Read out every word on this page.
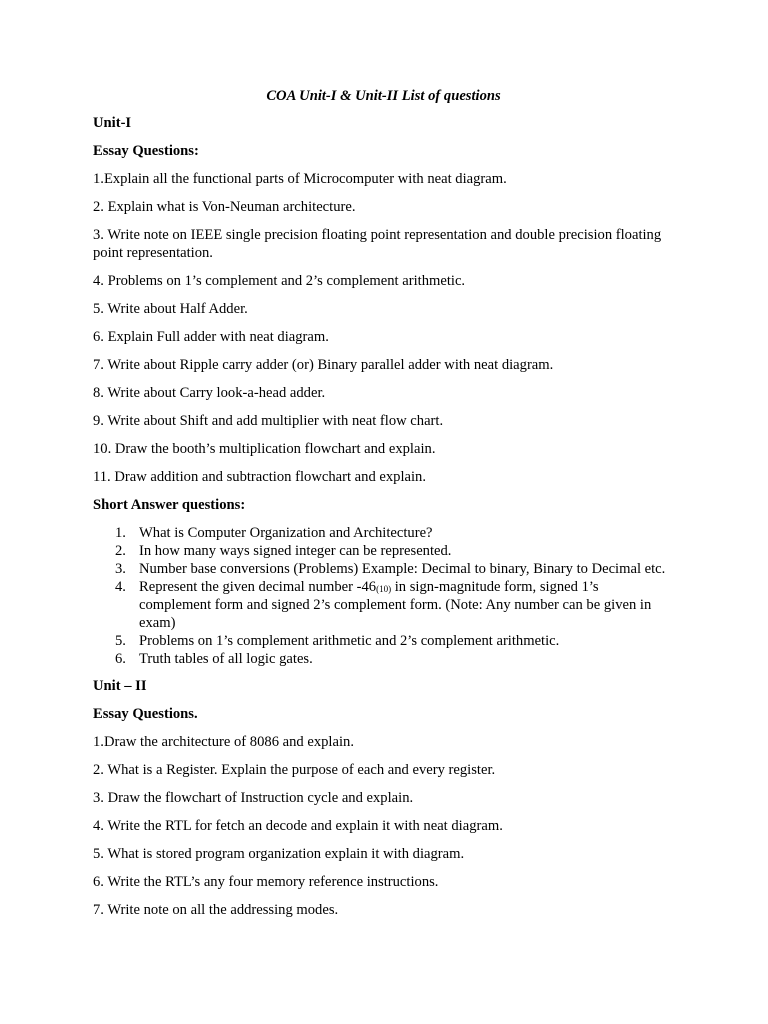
COA Unit-I & Unit-II List of questions
Unit-I
Essay Questions:
1.Explain all the functional parts of Microcomputer with neat diagram.
2. Explain what is Von-Neuman architecture.
3. Write note on IEEE single precision floating point representation and double precision floating point representation.
4. Problems on 1’s complement and 2’s complement arithmetic.
5. Write about Half Adder.
6. Explain Full adder with neat diagram.
7. Write about Ripple carry adder (or) Binary parallel adder with neat diagram.
8. Write about Carry look-a-head adder.
9. Write about Shift and add multiplier with neat flow chart.
10. Draw the booth’s multiplication flowchart and explain.
11. Draw addition and subtraction flowchart and explain.
Short Answer questions:
1. What is Computer Organization and Architecture?
2. In how many ways signed integer can be represented.
3. Number base conversions (Problems) Example: Decimal to binary, Binary to Decimal etc.
4. Represent the given decimal number $-46_{(10)}$ in sign-magnitude form, signed 1’s complement form and signed 2’s complement form. (Note: Any number can be given in exam)
5. Problems on 1’s complement arithmetic and 2’s complement arithmetic.
6. Truth tables of all logic gates.
Unit – II
Essay Questions.
1.Draw the architecture of 8086 and explain.
2. What is a Register. Explain the purpose of each and every register.
3. Draw the flowchart of Instruction cycle and explain.
4. Write the RTL for fetch an decode and explain it with neat diagram.
5. What is stored program organization explain it with diagram.
6. Write the RTL’s any four memory reference instructions.
7. Write note on all the addressing modes.
